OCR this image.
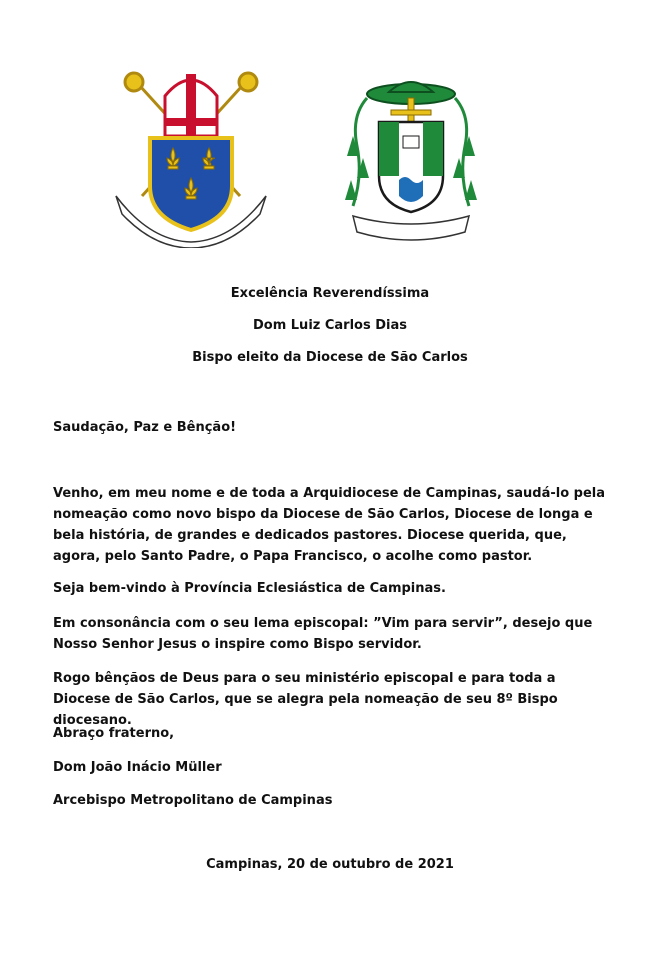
Excelência Reverendíssima
Dom Luiz Carlos Dias
Bispo eleito da Diocese de São Carlos
Saudação, Paz e Bênção!
Venho, em meu nome e de toda a Arquidiocese de Campinas, saudá-lo pela nomeação como novo bispo da Diocese de São Carlos, Diocese de longa e bela história, de grandes e dedicados pastores. Diocese querida, que, agora, pelo Santo Padre, o Papa Francisco, o acolhe como pastor.
Seja bem-vindo à Província Eclesiástica de Campinas.
Em consonância com o seu lema episcopal: ”Vim para servir”, desejo que Nosso Senhor Jesus o inspire como Bispo servidor.
Rogo bênçãos de Deus para o seu ministério episcopal e para toda a Diocese de São Carlos, que se alegra pela nomeação de seu 8º Bispo diocesano.
Abraço fraterno,
Dom João Inácio Müller
Arcebispo Metropolitano de Campinas
Campinas, 20 de outubro de 2021
